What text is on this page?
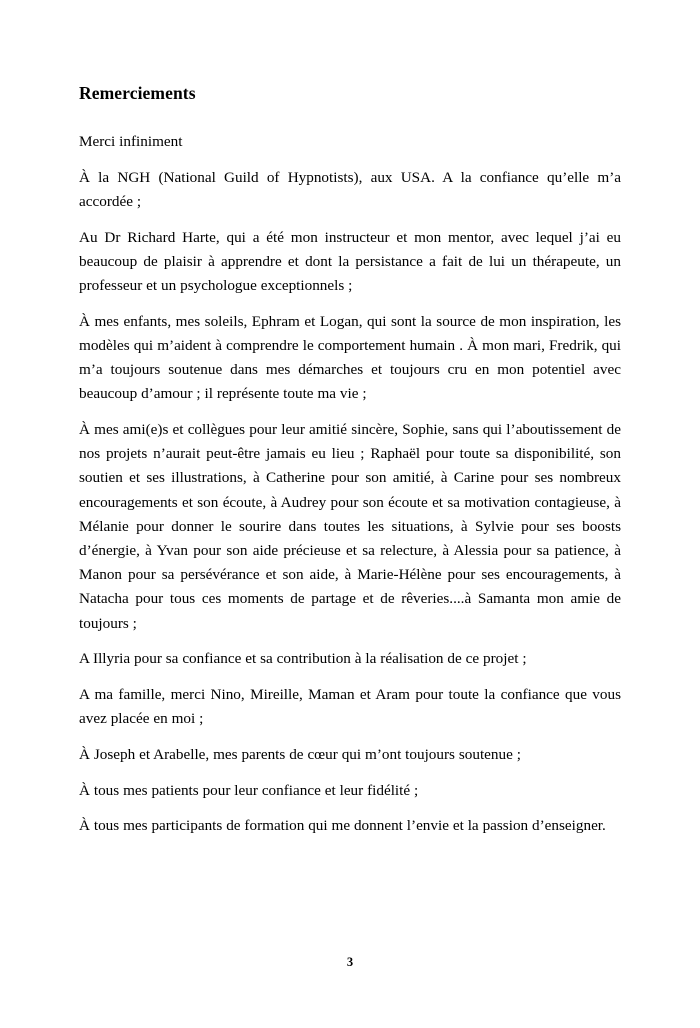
Remerciements

Merci infiniment

À la NGH (National Guild of Hypnotists), aux USA. A la confiance qu’elle m’a accordée ;

Au Dr Richard Harte, qui a été mon instructeur et mon mentor, avec lequel j’ai eu beaucoup de plaisir à apprendre et dont la persistance a fait de lui un thérapeute, un professeur et un psychologue exceptionnels ;

À mes enfants, mes soleils, Ephram et Logan, qui sont la source de mon inspiration, les modèles qui m’aident à comprendre le comportement humain . À mon mari, Fredrik, qui m’a toujours soutenue dans mes démarches et toujours cru en mon potentiel avec beaucoup d’amour ; il représente toute ma vie ;

À mes ami(e)s et collègues pour leur amitié sincère, Sophie, sans qui l’aboutissement de nos projets n’aurait peut-être jamais eu lieu ; Raphaël pour toute sa disponibilité, son soutien et ses illustrations, à Catherine pour son amitié, à Carine pour ses nombreux encouragements et son écoute, à Audrey pour son écoute et sa motivation contagieuse, à Mélanie pour donner le sourire dans toutes les situations, à Sylvie pour ses boosts d’énergie, à Yvan pour son aide précieuse et sa relecture, à Alessia pour sa patience, à Manon pour sa persévérance et son aide, à Marie-Hélène pour ses encouragements, à Natacha pour tous ces moments de partage et de rêveries....à Samanta mon amie de toujours ;

A Illyria pour sa confiance et sa contribution à la réalisation de ce projet ;

A ma famille, merci Nino, Mireille, Maman et Aram pour toute la confiance que vous avez placée en moi ;

À Joseph et Arabelle, mes parents de cœur qui m’ont toujours soutenue ;

À tous mes patients pour leur confiance et leur fidélité ;

À tous mes participants de formation qui me donnent l’envie et la passion d’enseigner.

3
